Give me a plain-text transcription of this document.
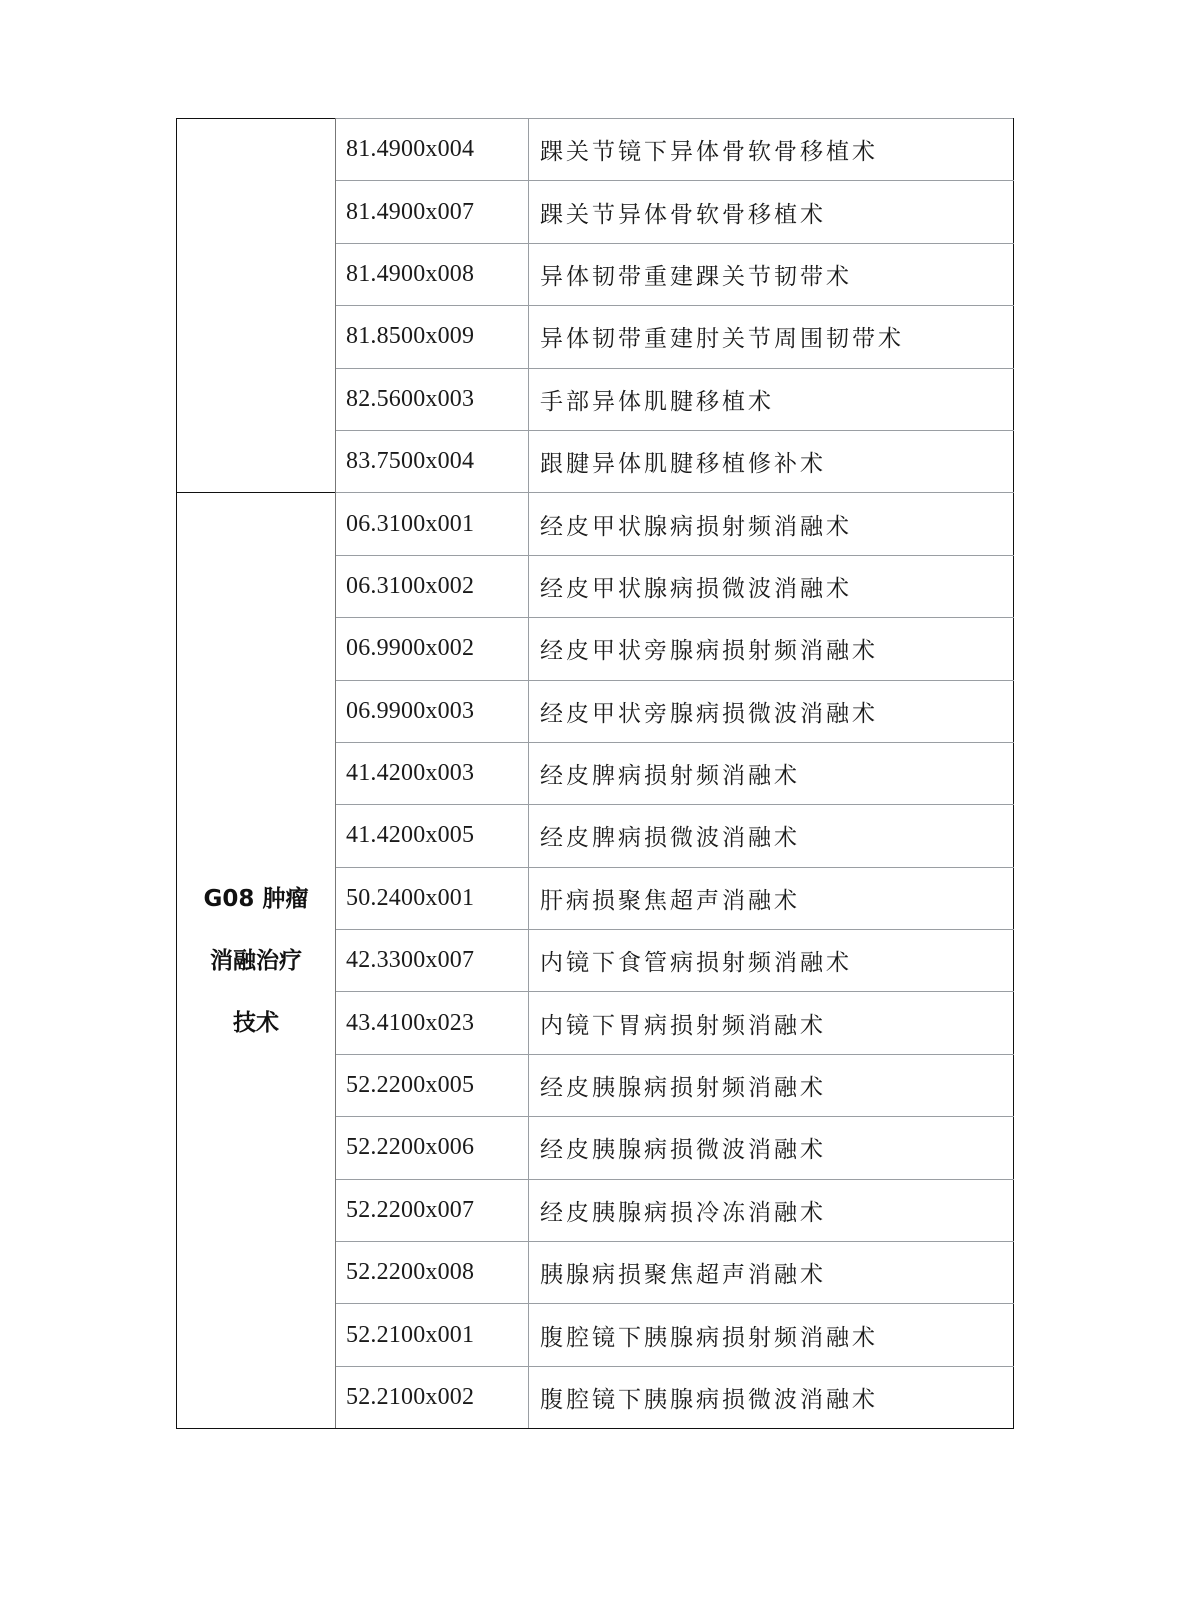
	81.4900x004	踝关节镜下异体骨软骨移植术
	81.4900x007	踝关节异体骨软骨移植术
	81.4900x008	异体韧带重建踝关节韧带术
	81.8500x009	异体韧带重建肘关节周围韧带术
	82.5600x003	手部异体肌腱移植术
	83.7500x004	跟腱异体肌腱移植修补术

G08 肿瘤
消融治疗
技术	06.3100x001	经皮甲状腺病损射频消融术
	06.3100x002	经皮甲状腺病损微波消融术
	06.9900x002	经皮甲状旁腺病损射频消融术
	06.9900x003	经皮甲状旁腺病损微波消融术
	41.4200x003	经皮脾病损射频消融术
	41.4200x005	经皮脾病损微波消融术
	50.2400x001	肝病损聚焦超声消融术
	42.3300x007	内镜下食管病损射频消融术
	43.4100x023	内镜下胃病损射频消融术
	52.2200x005	经皮胰腺病损射频消融术
	52.2200x006	经皮胰腺病损微波消融术
	52.2200x007	经皮胰腺病损冷冻消融术
	52.2200x008	胰腺病损聚焦超声消融术
	52.2100x001	腹腔镜下胰腺病损射频消融术
	52.2100x002	腹腔镜下胰腺病损微波消融术
